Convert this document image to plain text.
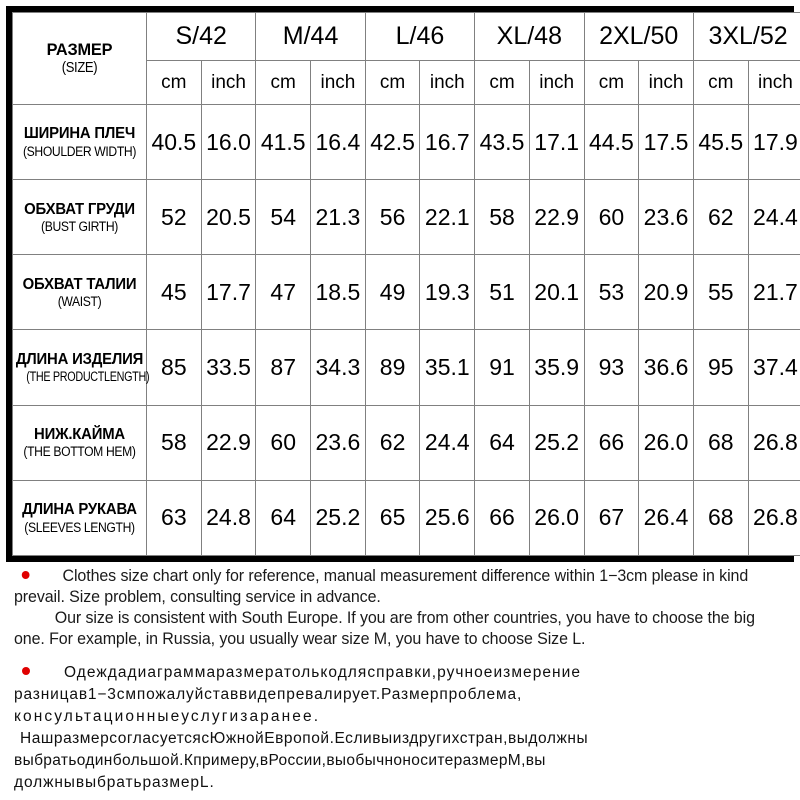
РАЗМЕР
(SIZE)	S/42		M/44		L/46		XL/48		2XL/50		3XL/52	
	cm	inch	cm	inch	cm	inch	cm	inch	cm	inch	cm	inch

ШИРИНА ПЛЕЧ
(SHOULDER WIDTH)	40.5	16.0	41.5	16.4	42.5	16.7	43.5	17.1	44.5	17.5	45.5	17.9

ОБХВАТ ГРУДИ
(BUST GIRTH)	52	20.5	54	21.3	56	22.1	58	22.9	60	23.6	62	24.4

ОБХВАТ ТАЛИИ
(WAIST)	45	17.7	47	18.5	49	19.3	51	20.1	53	20.9	55	21.7

ДЛИНА ИЗДЕЛИЯ
(THE PRODUCTLENGTH)	85	33.5	87	34.3	89	35.1	91	35.9	93	36.6	95	37.4

НИЖ.КАЙМА
(THE BOTTOM HEM)	58	22.9	60	23.6	62	24.4	64	25.2	66	26.0	68	26.8

ДЛИНА РУКАВА
(SLEEVES LENGTH)	63	24.8	64	25.2	65	25.6	66	26.0	67	26.4	68	26.8
Clothes size chart only for reference, manual measurement difference within 1−3cm please in kind prevail. Size problem, consulting service in advance.
Our size is consistent with South Europe. If you are from other countries, you have to choose the big one. For example, in Russia, you usually wear size M, you have to choose Size L.
Одеждадиаграммаразмератолькодлясправки,ручноеизмерение
разницав1−3смпожалуйставвидепревалирует.Размерпроблема,
консультационныеуслугизаранее.
НашразмерсогласуетсясЮжнойЕвропой.Есливыиздругихстран,выдолжны
выбратьодинбольшой.Кпримеру,вРоссии,выобычноноситеразмерM,вы
должнывыбратьразмерL.
